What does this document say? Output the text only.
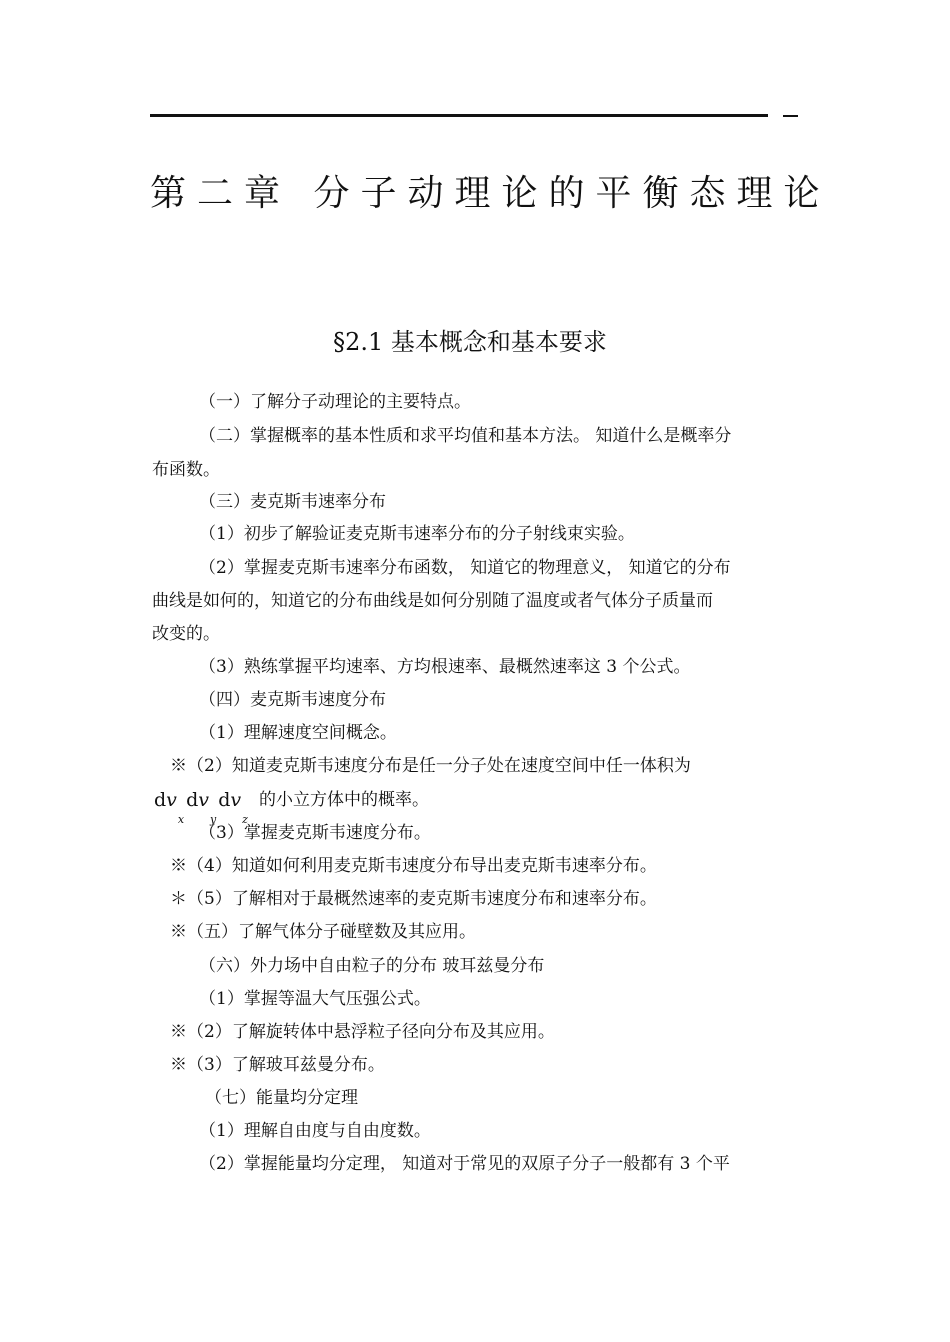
第二章 分子动理论的平衡态理论
§2.1 基本概念和基本要求
（一）了解分子动理论的主要特点。
（二）掌握概率的基本性质和求平均值和基本方法。 知道什么是概率分
布函数。
（三）麦克斯韦速率分布
（1）初步了解验证麦克斯韦速率分布的分子射线束实验。
（2）掌握麦克斯韦速率分布函数， 知道它的物理意义， 知道它的分布
曲线是如何的，知道它的分布曲线是如何分别随了温度或者气体分子质量而
改变的。
（3）熟练掌握平均速率、方均根速率、最概然速率这 3 个公式。
（四）麦克斯韦速度分布
（1）理解速度空间概念。
※（2）知道麦克斯韦速度分布是任一分子处在速度空间中任一体积为
$dv_xdv_ydv_z$
的小立方体中的概率。
（3）掌握麦克斯韦速度分布。
※（4）知道如何利用麦克斯韦速度分布导出麦克斯韦速率分布。
＊（5）了解相对于最概然速率的麦克斯韦速度分布和速率分布。
※（五）了解气体分子碰壁数及其应用。
（六）外力场中自由粒子的分布 玻耳兹曼分布
（1）掌握等温大气压强公式。
※（2）了解旋转体中悬浮粒子径向分布及其应用。
※（3）了解玻耳兹曼分布。
（七）能量均分定理
（1）理解自由度与自由度数。
（2）掌握能量均分定理， 知道对于常见的双原子分子一般都有 3 个平
